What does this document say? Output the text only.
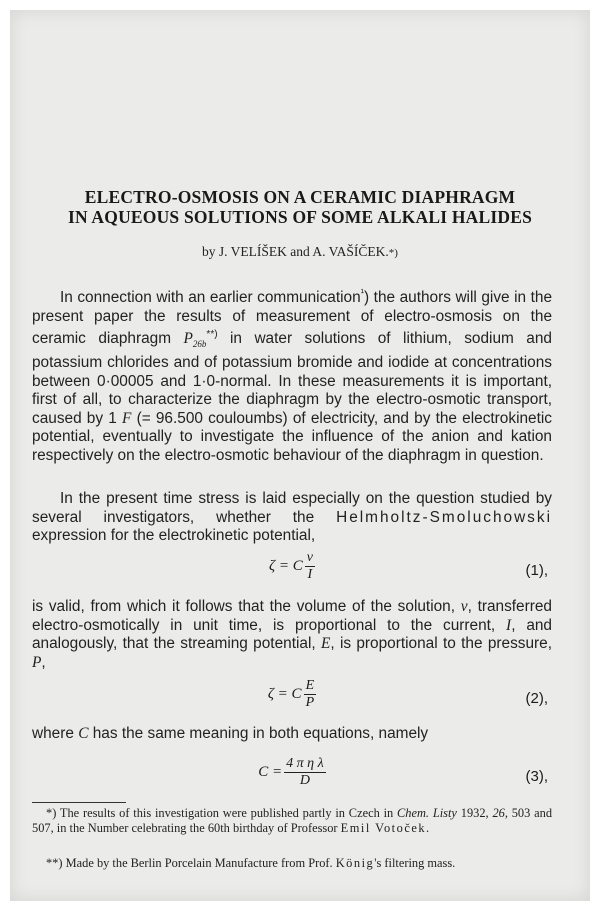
ELECTRO-OSMOSIS ON A CERAMIC DIAPHRAGM
IN AQUEOUS SOLUTIONS OF SOME ALKALI HALIDES
by J. VELÍŠEK and A. VAŠÍČEK.*)

In connection with an earlier communication$^{^1}$) the authors will give in the present paper the results of measurement of electro-osmosis on the ceramic diaphragm $P_{26b}^{**)}$ in water solutions of lithium, sodium and potassium chlorides and of potassium bromide and iodide at concentrations between 0·00005 and 1·0-normal. In these measurements it is important, first of all, to characterize the diaphragm by the electro-osmotic transport, caused by 1 F (= 96.500 couloumbs) of electricity, and by the electrokinetic potential, eventually to investigate the influence of the anion and kation respectively on the electro-osmotic behaviour of the diaphragm in question.

In the present time stress is laid especially on the question studied by several investigators, whether the Helmholtz-Smoluchowski expression for the electrokinetic potential,

ζ = C $\frac{v}{I}$	(1),

is valid, from which it follows that the volume of the solution, v, transferred electro-osmotically in unit time, is proportional to the current, I, and analogously, that the streaming potential, E, is proportional to the pressure, P,

ζ = C $\frac{E}{P}$	(2),

where C has the same meaning in both equations, namely

$C = \frac{\text{4 π η λ}}{D}$	(3),
*) The results of this investigation were published partly in Czech in Chem. Listy 1932, 26, 503 and 507, in the Number celebrating the 60th birthday of Professor Emil Votoček.
**) Made by the Berlin Porcelain Manufacture from Prof. König's filtering mass.
